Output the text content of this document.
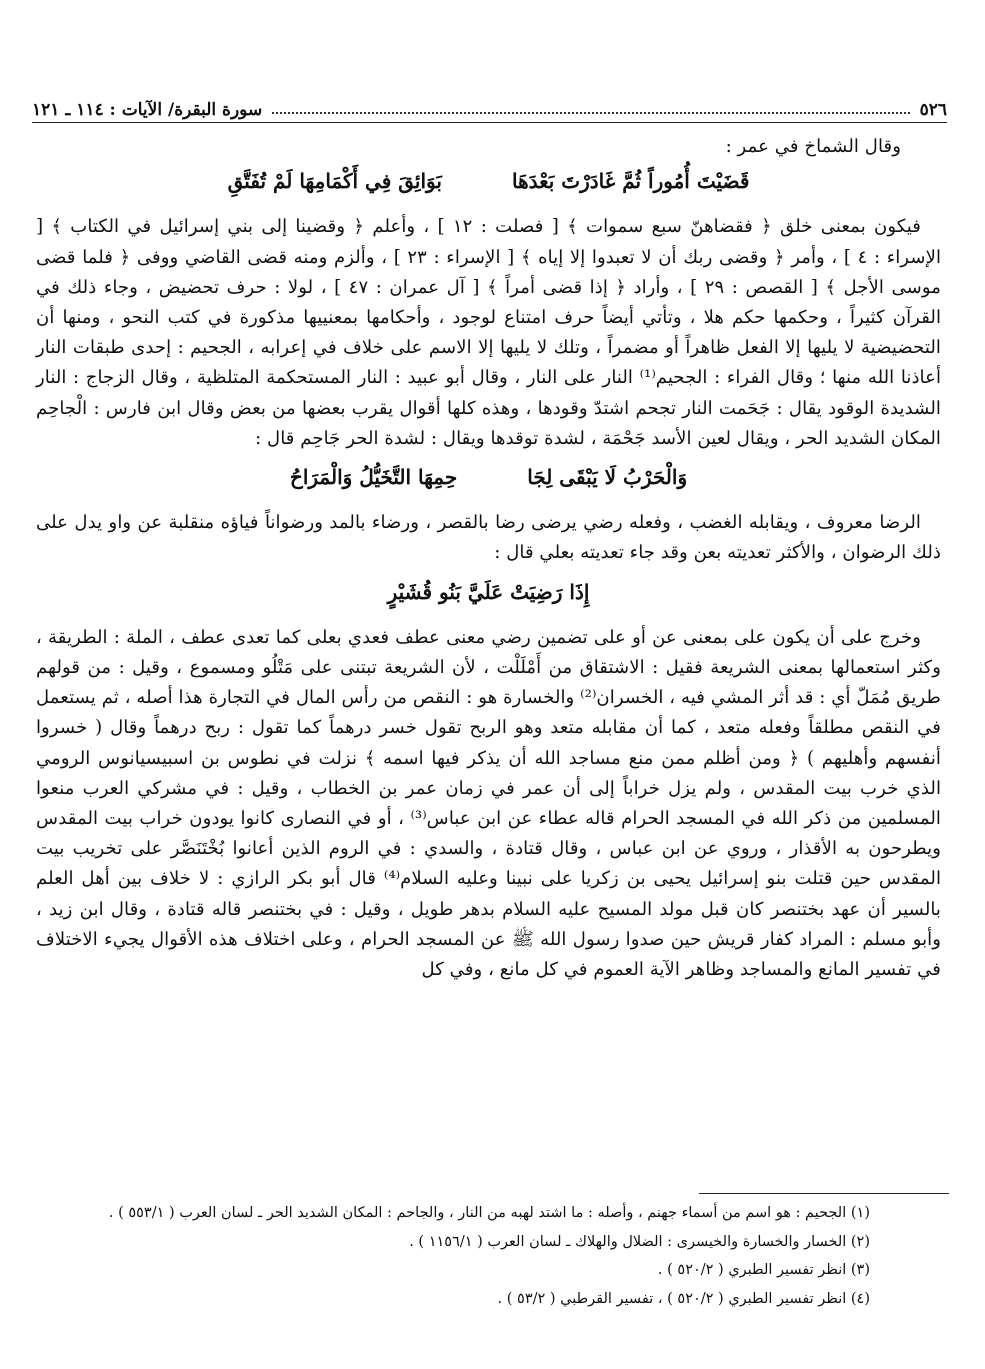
٥٢٦
سورة البقرة/ الآيات : ١١٤ ـ ١٢١
وقال الشماخ في عمر :
قَضَيْتَ أُمُوراً ثُمَّ غَادَرْتَ بَعْدَهَا
بَوَائِقَ فِي أَكْمَامِهَا لَمْ تُفَتَّقِ

فيكون بمعنى خلق ﴿ فقضاهنّ سبع سموات ﴾ [ فصلت : ١٢ ] ، وأعلم ﴿ وقضينا إلى بني إسرائيل في الكتاب ﴾ [ الإسراء : ٤ ] ، وأمر ﴿ وقضى ربك أن لا تعبدوا إلا إياه ﴾ [ الإسراء : ٢٣ ] ، وألزم ومنه قضى القاضي ووفى ﴿ فلما قضى موسى الأجل ﴾ [ القصص : ٢٩ ] ، وأراد ﴿ إذا قضى أمراً ﴾ [ آل عمران : ٤٧ ] ، لولا : حرف تحضيض ، وجاء ذلك في القرآن كثيراً ، وحكمها حكم هلا ، وتأتي أيضاً حرف امتناع لوجود ، وأحكامها بمعنييها مذكورة في كتب النحو ، ومنها أن التحضيضية لا يليها إلا الفعل ظاهراً أو مضمراً ، وتلك لا يليها إلا الاسم على خلاف في إعرابه ، الجحيم : إحدى طبقات النار أعاذنا الله منها ؛ وقال الفراء : الجحيم⁽¹⁾ النار على النار ، وقال أبو عبيد : النار المستحكمة المتلظية ، وقال الزجاج : النار الشديدة الوقود يقال : جَحَمت النار تجحم اشتدّ وقودها ، وهذه كلها أقوال يقرب بعضها من بعض وقال ابن فارس : الْجاحِم المكان الشديد الحر ، ويقال لعين الأسد جَحْمَة ، لشدة توقدها ويقال : لشدة الحر جَاحِم قال :

وَالْحَرْبُ لَا يَبْقَى لِجَا
حِمِهَا التَّخَيُّلُ وَالْمَرَاحُ

الرضا معروف ، ويقابله الغضب ، وفعله رضي يرضى رضا بالقصر ، ورضاء بالمد ورضواناً فياؤه منقلبة عن واو يدل على ذلك الرضوان ، والأكثر تعديته بعن وقد جاء تعديته بعلي قال :

إِذَا رَضِيَتْ عَلَيَّ بَنُو قُشَيْرٍ

وخرج على أن يكون على بمعنى عن أو على تضمين رضي معنى عطف فعدي بعلى كما تعدى عطف ، الملة : الطريقة ، وكثر استعمالها بمعنى الشريعة فقيل : الاشتقاق من أَمْلَلْت ، لأن الشريعة تبتنى على مَتْلُو ومسموع ، وقيل : من قولهم طريق مُمَلّ أي : قد أثر المشي فيه ، الخسران⁽²⁾ والخسارة هو : النقص من رأس المال في التجارة هذا أصله ، ثم يستعمل في النقص مطلقاً وفعله متعد ، كما أن مقابله متعد وهو الربح تقول خسر درهماً كما تقول : ربح درهماً وقال ( خسروا أنفسهم وأهليهم ) ﴿ ومن أظلم ممن منع مساجد الله أن يذكر فيها اسمه ﴾ نزلت في نطوس بن اسبيسيانوس الرومي الذي خرب بيت المقدس ، ولم يزل خراباً إلى أن عمر في زمان عمر بن الخطاب ، وقيل : في مشركي العرب منعوا المسلمين من ذكر الله في المسجد الحرام قاله عطاء عن ابن عباس⁽³⁾ ، أو في النصارى كانوا يودون خراب بيت المقدس ويطرحون به الأقذار ، وروي عن ابن عباس ، وقال قتادة ، والسدي : في الروم الذين أعانوا بُخْتَنَصَّر على تخريب بيت المقدس حين قتلت بنو إسرائيل يحيى بن زكريا على نبينا وعليه السلام⁽⁴⁾ قال أبو بكر الرازي : لا خلاف بين أهل العلم بالسير أن عهد بختنصر كان قبل مولد المسيح عليه السلام بدهر طويل ، وقيل : في بختنصر قاله قتادة ، وقال ابن زيد ، وأبو مسلم : المراد كفار قريش حين صدوا رسول الله ﷺ عن المسجد الحرام ، وعلى اختلاف هذه الأقوال يجيء الاختلاف في تفسير المانع والمساجد وظاهر الآية العموم في كل مانع ، وفي كل

(١) الجحيم : هو اسم من أسماء جهنم ، وأصله : ما اشتد لهبه من النار ، والجاحم : المكان الشديد الحر ـ لسان العرب ( ٥٥٣/١ ) .
(٢) الخسار والخسارة والخيسرى : الضلال والهلاك ـ لسان العرب ( ١١٥٦/١ ) .
(٣) انظر تفسير الطبري ( ٥٢٠/٢ ) .
(٤) انظر تفسير الطبري ( ٥٢٠/٢ ) ، تفسير القرطبي ( ٥٣/٢ ) .
